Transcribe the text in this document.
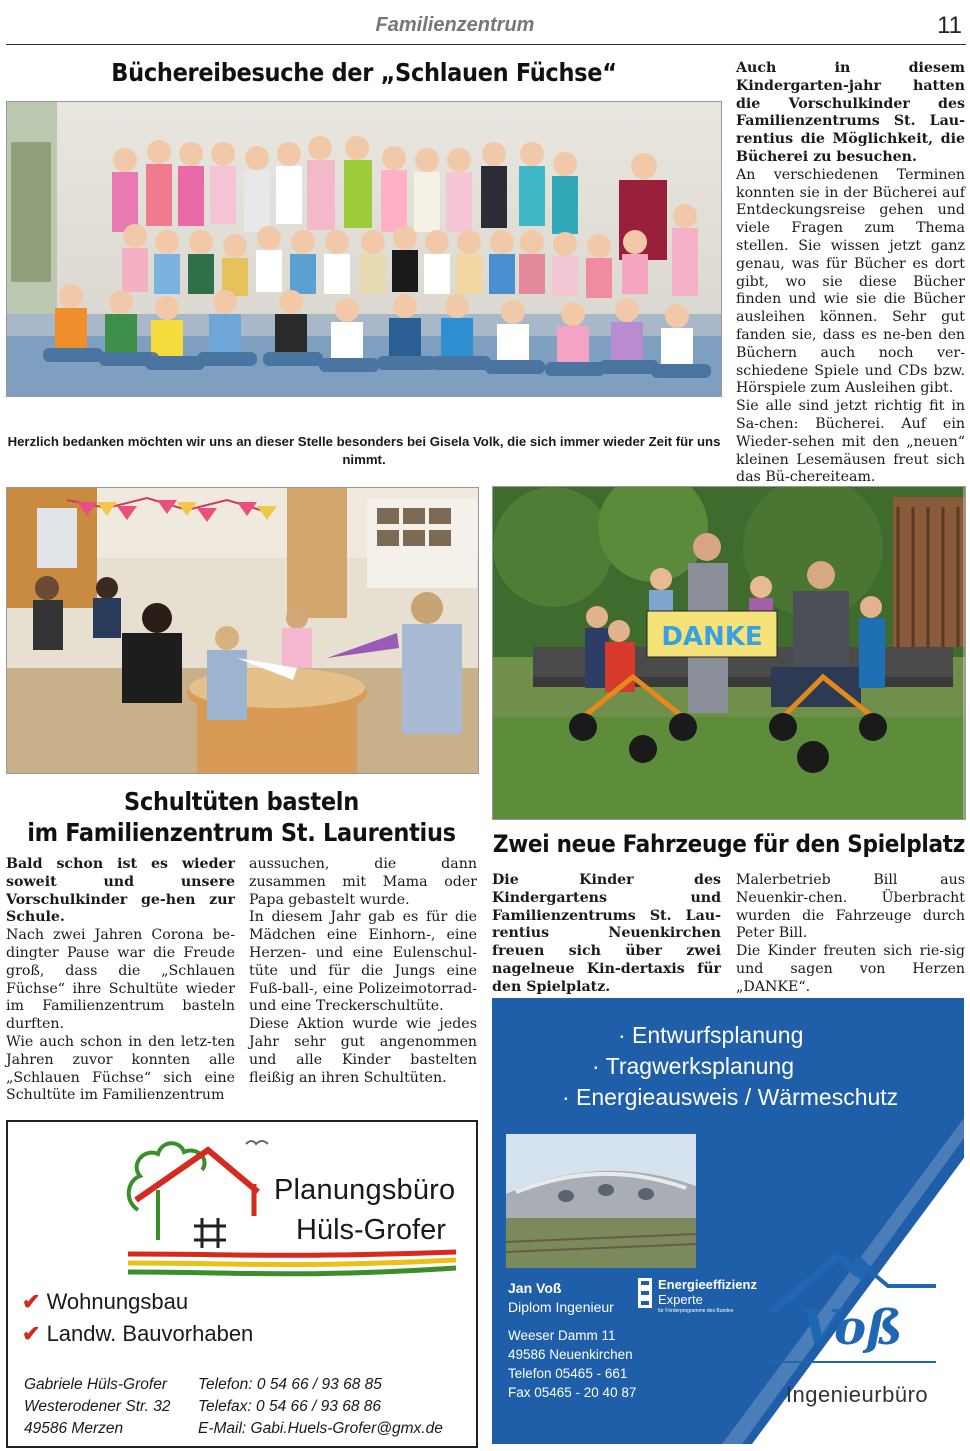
Familienzentrum	11
Büchereibesuche der „Schlauen Füchse“
Herzlich bedanken möchten wir uns an dieser Stelle besonders bei Gisela Volk, die sich immer wieder Zeit für uns nimmt.

Auch in diesem Kindergarten-jahr hatten die Vorschulkinder des Familienzentrums St. Lau-rentius die Möglichkeit, die Bücherei zu besuchen.

An verschiedenen Terminen konnten sie in der Bücherei auf Entdeckungsreise gehen und viele Fragen zum Thema stellen. Sie wissen jetzt ganz genau, was für Bücher es dort gibt, wo sie diese Bücher finden und wie sie die Bücher ausleihen können. Sehr gut fanden sie, dass es ne-ben den Büchern auch noch ver-schiedene Spiele und CDs bzw. Hörspiele zum Ausleihen gibt.

Sie alle sind jetzt richtig fit in Sa-chen: Bücherei. Auf ein Wieder-sehen mit den „neuen“ kleinen Lesemäusen freut sich das Bü-chereiteam.

Schultüten basteln
im Familienzentrum St. Laurentius

Bald schon ist es wieder soweit und unsere Vorschulkinder ge-hen zur Schule.

Nach zwei Jahren Corona be-dingter Pause war die Freude groß, dass die „Schlauen Füchse“ ihre Schultüte wieder im Familienzentrum basteln durften.

Wie auch schon in den letz-ten Jahren zuvor konnten alle „Schlauen Füchse“ sich eine Schultüte im Familienzentrum

aussuchen, die dann zusammen mit Mama oder Papa gebastelt wurde.

In diesem Jahr gab es für die Mädchen eine Einhorn-, eine Herzen- und eine Eulenschul-tüte und für die Jungs eine Fuß-ball-, eine Polizeimotorrad- und eine Treckerschultüte.

Diese Aktion wurde wie jedes Jahr sehr gut angenommen und alle Kinder bastelten fleißig an ihren Schultüten.

DANKE
Zwei neue Fahrzeuge für den Spielplatz

Die Kinder des Kindergartens und Familienzentrums St. Lau-rentius Neuenkirchen freuen sich über zwei nagelneue Kin-dertaxis für den Spielplatz.

Malerbetrieb Bill aus Neuenkir-chen. Überbracht wurden die Fahrzeuge durch Peter Bill.

Die Kinder freuten sich rie-sig und sagen von Herzen „DANKE“.

Planungsbüro
Hüls-Grofer
✔ Wohnungsbau
✔ Landw. Bauvorhaben
Gabriele Hüls-Grofer
Westerodener Str. 32
49586 Merzen
Telefon: 0 54 66 / 93 68 85
Telefax: 0 54 66 / 93 68 86
E-Mail: Gabi.Huels-Grofer@gmx.de
· Entwurfsplanung
· Tragwerksplanung
· Energieausweis / Wärmeschutz
Jan Voß
Diplom Ingenieur
Energieeffizienz
Experte
für Förderprogramme des Bundes
Weeser Damm 11
49586 Neuenkirchen
Telefon 05465 - 661
Fax 05465 - 20 40 87
Voß
Ingenieurbüro
